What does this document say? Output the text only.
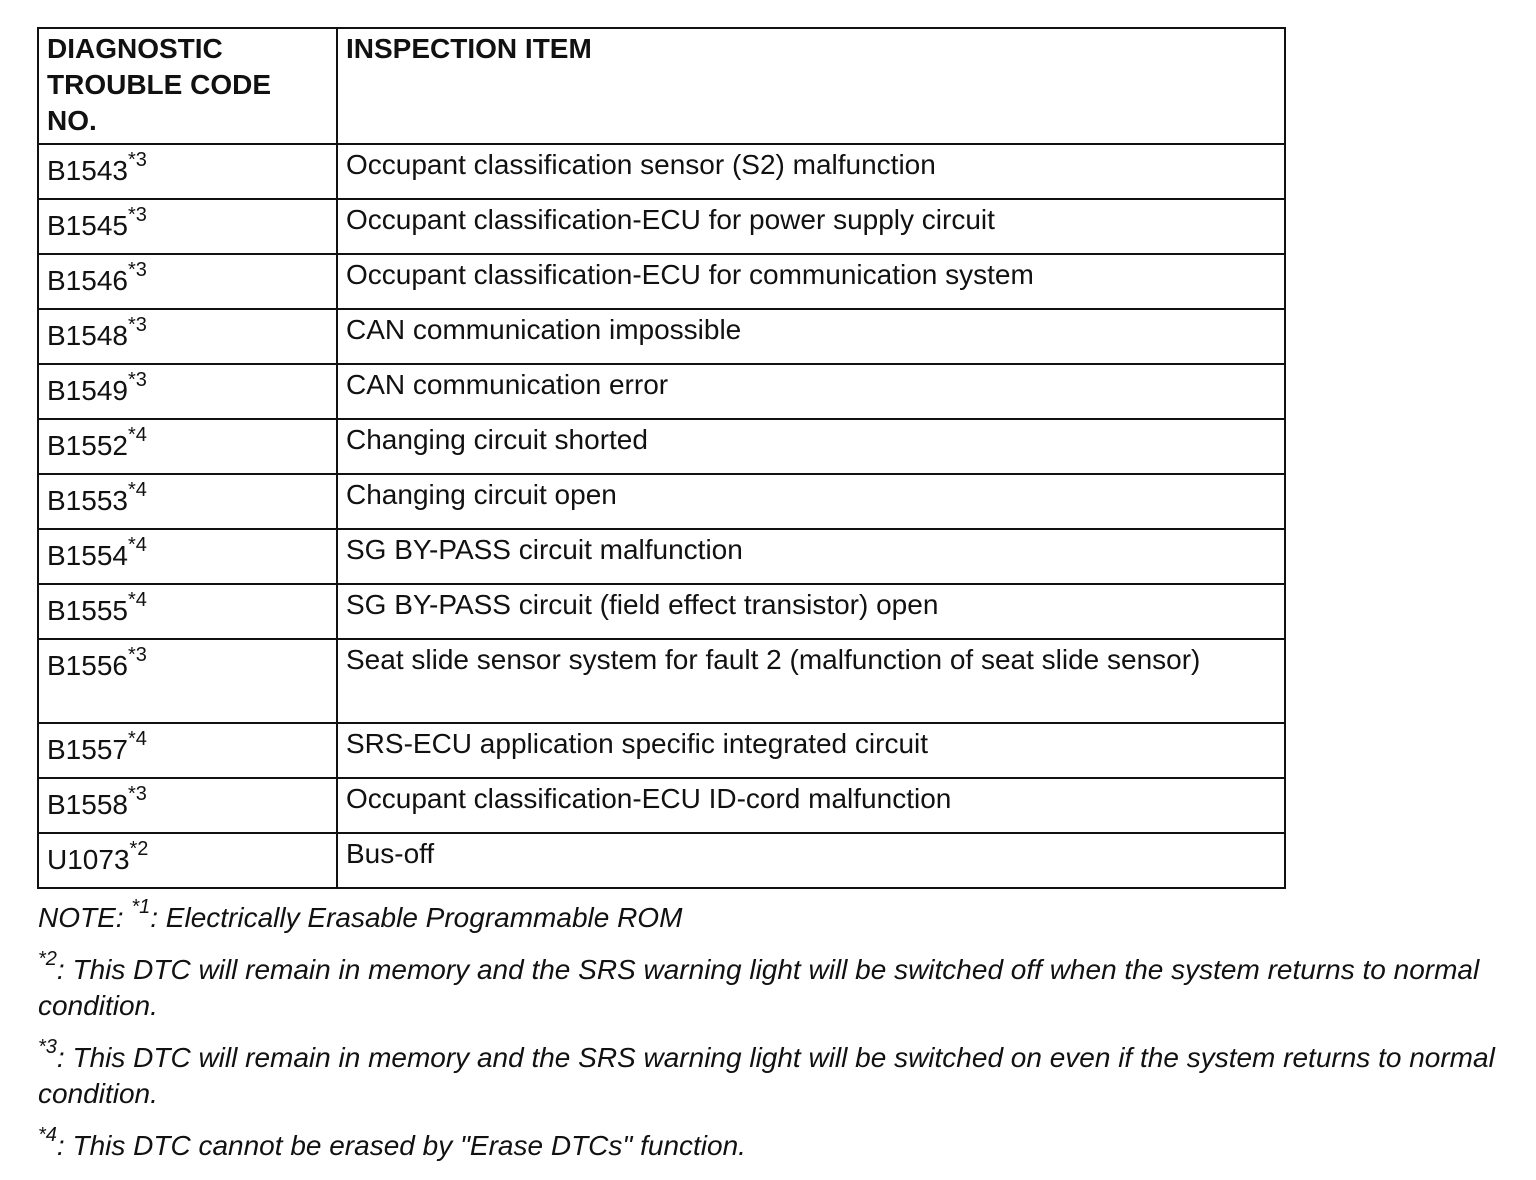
DIAGNOSTIC TROUBLE CODE NO.	INSPECTION ITEM
B1543$^{*3}$	Occupant classification sensor (S2) malfunction
B1545$^{*3}$	Occupant classification-ECU for power supply circuit
B1546$^{*3}$	Occupant classification-ECU for communication system
B1548$^{*3}$	CAN communication impossible
B1549$^{*3}$	CAN communication error
B1552$^{*4}$	Changing circuit shorted
B1553$^{*4}$	Changing circuit open
B1554$^{*4}$	SG BY-PASS circuit malfunction
B1555$^{*4}$	SG BY-PASS circuit (field effect transistor) open
B1556$^{*3}$	Seat slide sensor system for fault 2 (malfunction of seat slide sensor)
B1557$^{*4}$	SRS-ECU application specific integrated circuit
B1558$^{*3}$	Occupant classification-ECU ID-cord malfunction
U1073$^{*2}$	Bus-off

NOTE: $^{*1}$: Electrically Erasable Programmable ROM

$^{*2}$: This DTC will remain in memory and the SRS warning light will be switched off when the system returns to normal condition.

$^{*3}$: This DTC will remain in memory and the SRS warning light will be switched on even if the system returns to normal condition.

$^{*4}$: This DTC cannot be erased by "Erase DTCs" function.
